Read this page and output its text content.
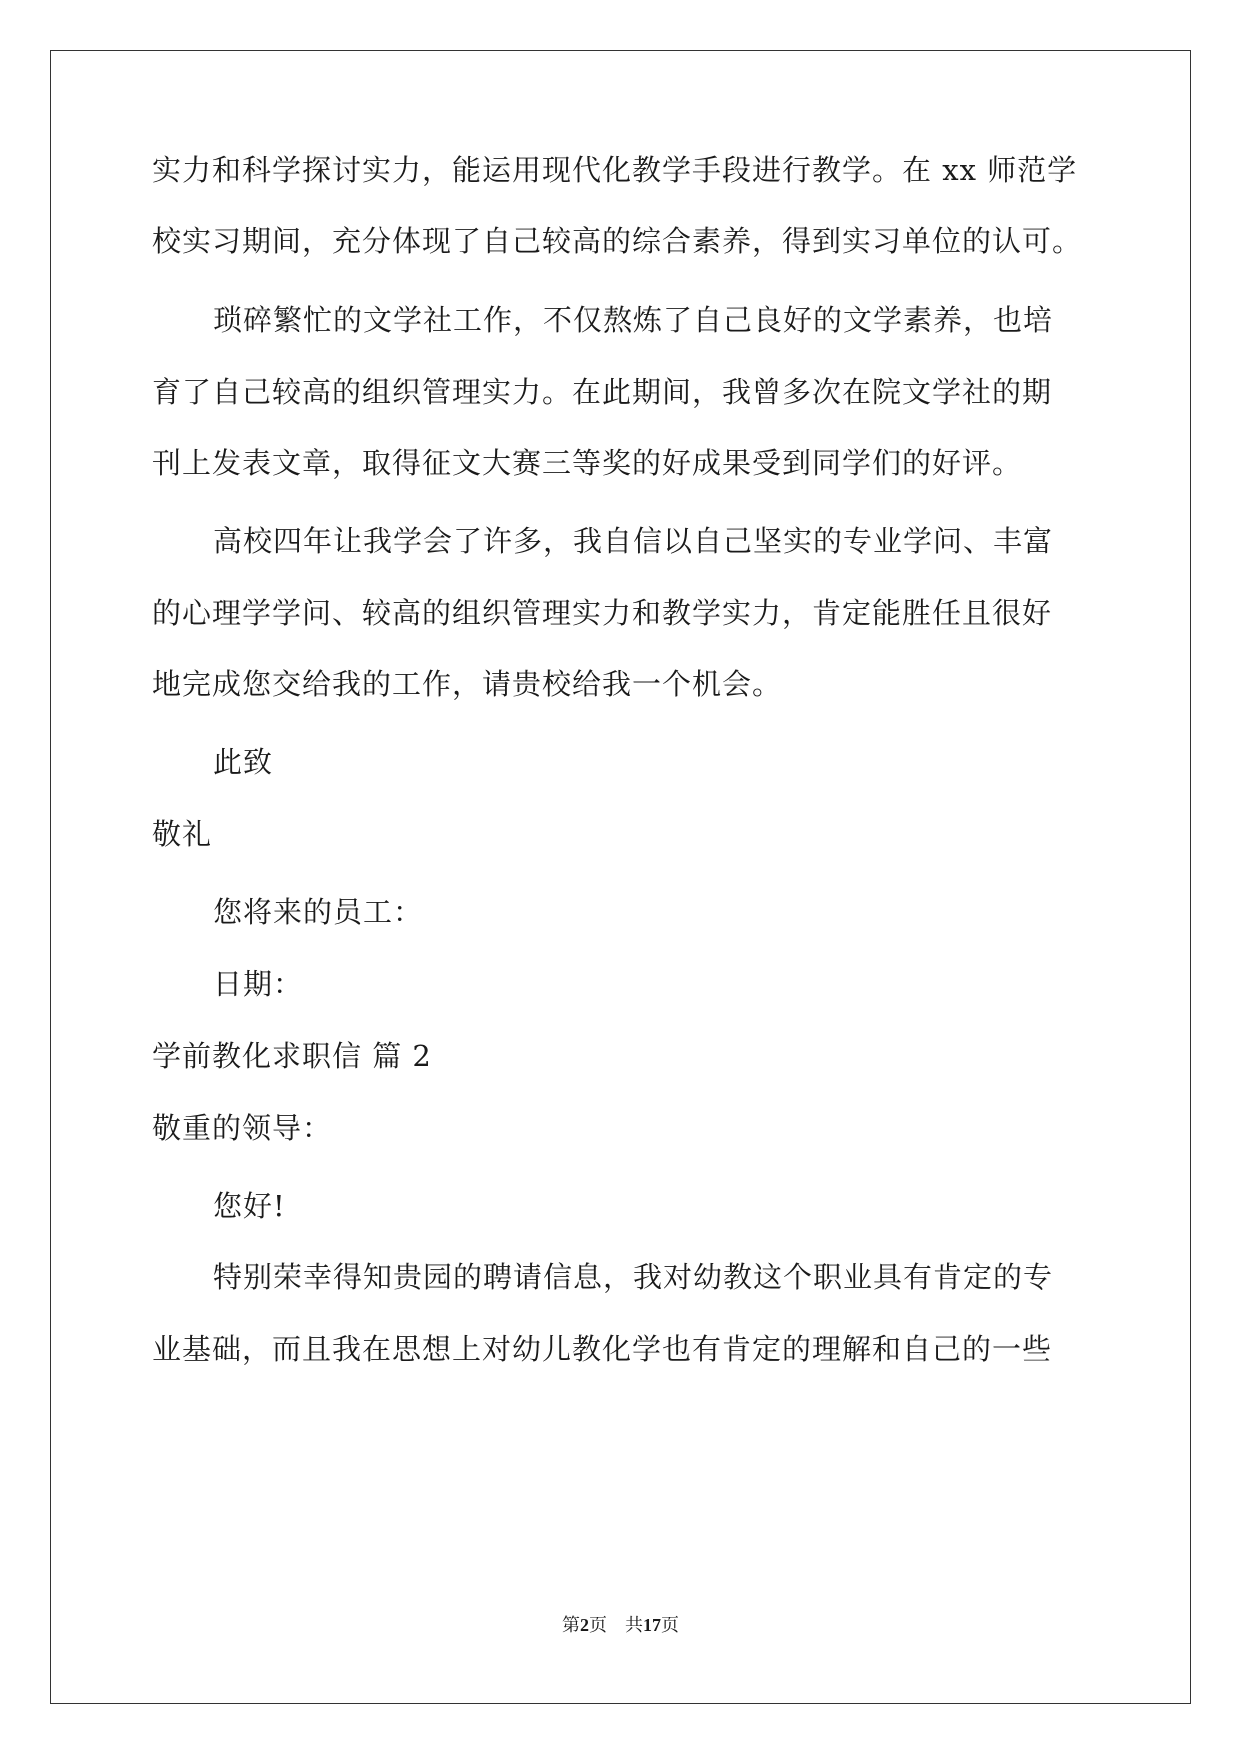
实力和科学探讨实力，能运用现代化教学手段进行教学。在 xx 师范学
校实习期间，充分体现了自己较高的综合素养，得到实习单位的认可。
琐碎繁忙的文学社工作，不仅熬炼了自己良好的文学素养，也培
育了自己较高的组织管理实力。在此期间，我曾多次在院文学社的期
刊上发表文章，取得征文大赛三等奖的好成果受到同学们的好评。
高校四年让我学会了许多，我自信以自己坚实的专业学问、丰富
的心理学学问、较高的组织管理实力和教学实力，肯定能胜任且很好
地完成您交给我的工作，请贵校给我一个机会。
此致
敬礼
您将来的员工：
日期：
学前教化求职信 篇 2
敬重的领导：
您好!
特别荣幸得知贵园的聘请信息，我对幼教这个职业具有肯定的专
业基础，而且我在思想上对幼儿教化学也有肯定的理解和自己的一些
第2页 共17页
